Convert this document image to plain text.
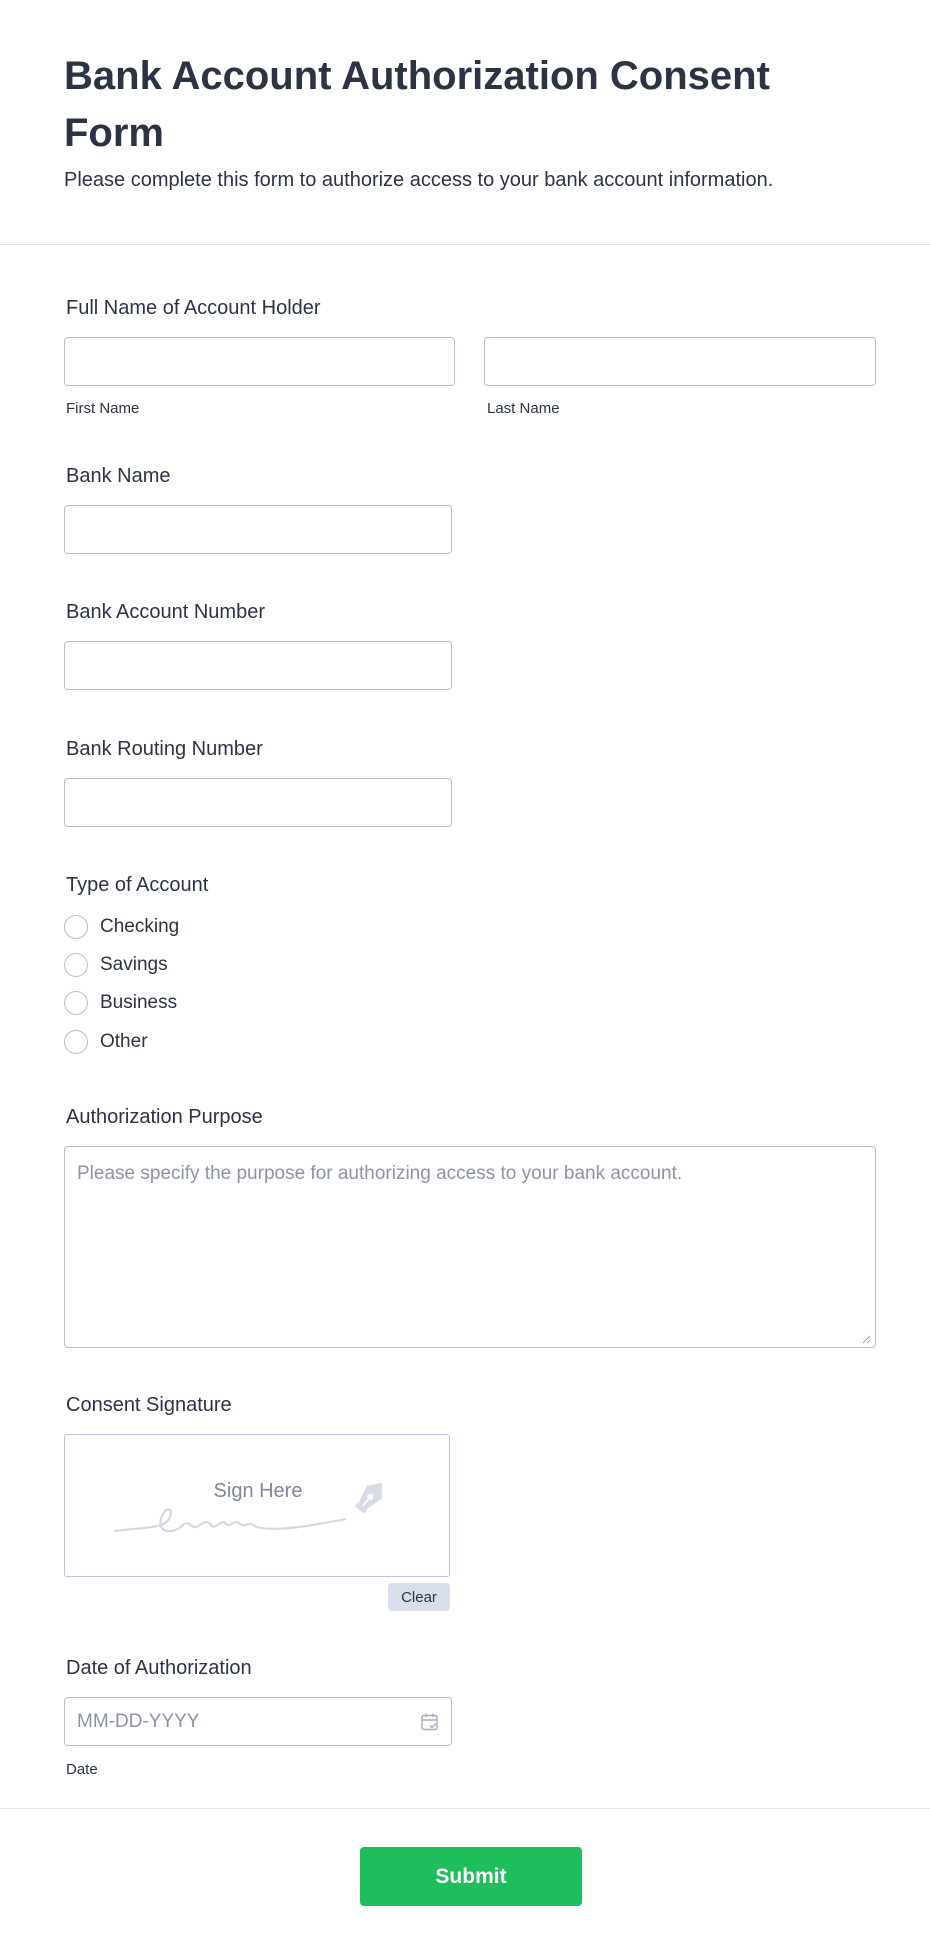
Bank Account Authorization Consent Form

Please complete this form to authorize access to your bank account information.

Full Name of Account Holder
First Name	Last Name
Bank Name
Bank Account Number
Bank Routing Number
Type of Account
Checking
Savings
Business
Other
Authorization Purpose
Please specify the purpose for authorizing access to your bank account.
Consent Signature
Sign Here
Clear
Date of Authorization
MM-DD-YYYY
Date
Submit
